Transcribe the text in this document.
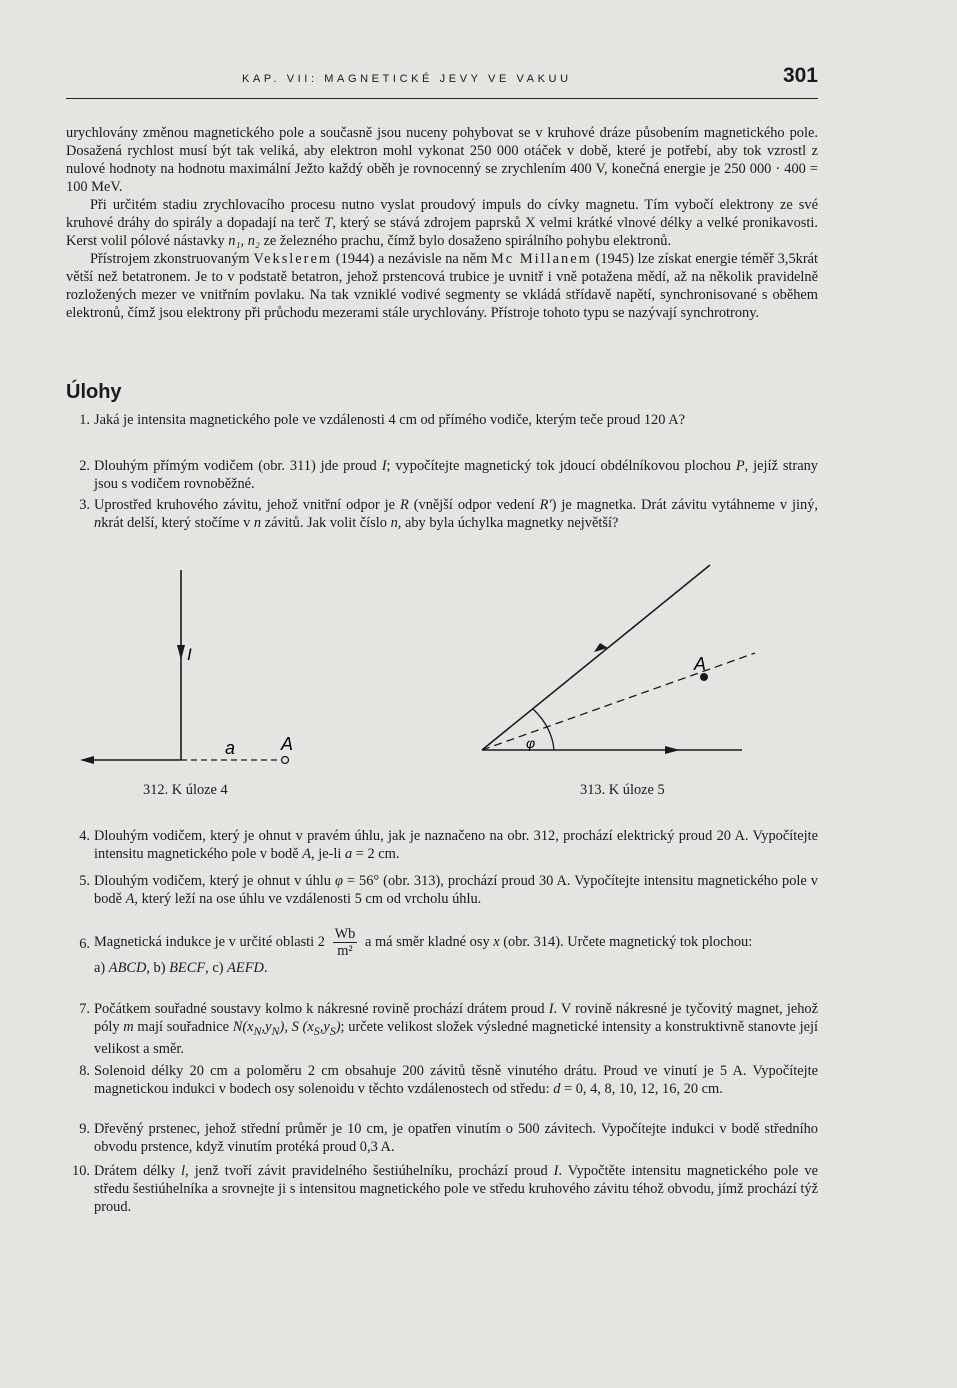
KAP. VII: MAGNETICKÉ JEVY VE VAKUU	301

urychlovány změnou magnetického pole a současně jsou nuceny pohybovat se v kruhové dráze působením magnetického pole. Dosažená rychlost musí být tak veliká, aby elektron mohl vykonat 250 000 otáček v době, které je potřebí, aby tok vzrostl z nulové hodnoty na hodnotu maximální Ježto každý oběh je rovnocenný se zrychlením 400 V, konečná energie je 250 000 · 400 = 100 MeV.

Při určitém stadiu zrychlovacího procesu nutno vyslat proudový impuls do cívky magnetu. Tím vybočí elektrony ze své kruhové dráhy do spirály a dopadají na terč T, který se stává zdrojem paprsků X velmi krátké vlnové délky a velké pronikavosti. Kerst volil pólové nástavky n₁, n₂ ze železného prachu, čímž bylo dosaženo spirálního pohybu elektronů.

Přístrojem zkonstruovaným Vekslerem (1944) a nezávisle na něm Mc Millanem (1945) lze získat energie téměř 3,5krát větší než betatronem. Je to v podstatě betatron, jehož prstencová trubice je uvnitř i vně potažena mědí, až na několik pravidelně rozložených mezer ve vnitřním povlaku. Na tak vzniklé vodivé segmenty se vkládá střídavě napětí, synchronisované s oběhem elektronů, čímž jsou elektrony při průchodu mezerami stále urychlovány. Přístroje tohoto typu se nazývají synchrotrony.

Úlohy
1. Jaká je intensita magnetického pole ve vzdálenosti 4 cm od přímého vodiče, kterým teče proud 120 A?
2. Dlouhým přímým vodičem (obr. 311) jde proud I; vypočítejte magnetický tok jdoucí obdélníkovou plochou P, jejíž strany jsou s vodičem rovnoběžné.
3. Uprostřed kruhového závitu, jehož vnitřní odpor je R (vnější odpor vedení R′) je magnetka. Drát závitu vytáhneme v jiný, nkrát delší, který stočíme v n závitů. Jak volit číslo n, aby byla úchylka magnetky největší?
I
a	A
312. K úloze 4
A
φ
313. K úloze 5
4. Dlouhým vodičem, který je ohnut v pravém úhlu, jak je naznačeno na obr. 312, prochází elektrický proud 20 A. Vypočítejte intensitu magnetického pole v bodě A, je-li a = 2 cm.
5. Dlouhým vodičem, který je ohnut v úhlu φ = 56° (obr. 313), prochází proud 30 A. Vypočítejte intensitu magnetického pole v bodě A, který leží na ose úhlu ve vzdálenosti 5 cm od vrcholu úhlu.
6. Magnetická indukce je v určité oblasti $2 \frac{Wb}{\text{m²}}$ a má směr kladné osy x (obr. 314). Určete magnetický tok plochou:
a) ABCD, b) BECF, c) AEFD.
7. Počátkem souřadné soustavy kolmo k nákresné rovině prochází drátem proud I. V rovině nákresné je tyčovitý magnet, jehož póly m mají souřadnice $N(x_N,y_N)$, S $(x_S,y_S)$; určete velikost složek výsledné magnetické intensity a konstruktivně stanovte její velikost a směr.
8. Solenoid délky 20 cm a poloměru 2 cm obsahuje 200 závitů těsně vinutého drátu. Proud ve vinutí je 5 A. Vypočítejte magnetickou indukci v bodech osy solenoidu v těchto vzdálenostech od středu: d = 0, 4, 8, 10, 12, 16, 20 cm.
9. Dřevěný prstenec, jehož střední průměr je 10 cm, je opatřen vinutím o 500 závitech. Vypočítejte indukci v bodě středního obvodu prstence, když vinutím protéká proud 0,3 A.
10. Drátem délky l, jenž tvoří závit pravidelného šestiúhelníku, prochází proud I. Vypočtěte intensitu magnetického pole ve středu šestiúhelníka a srovnejte ji s intensitou magnetického pole ve středu kruhového závitu téhož obvodu, jímž prochází týž proud.
